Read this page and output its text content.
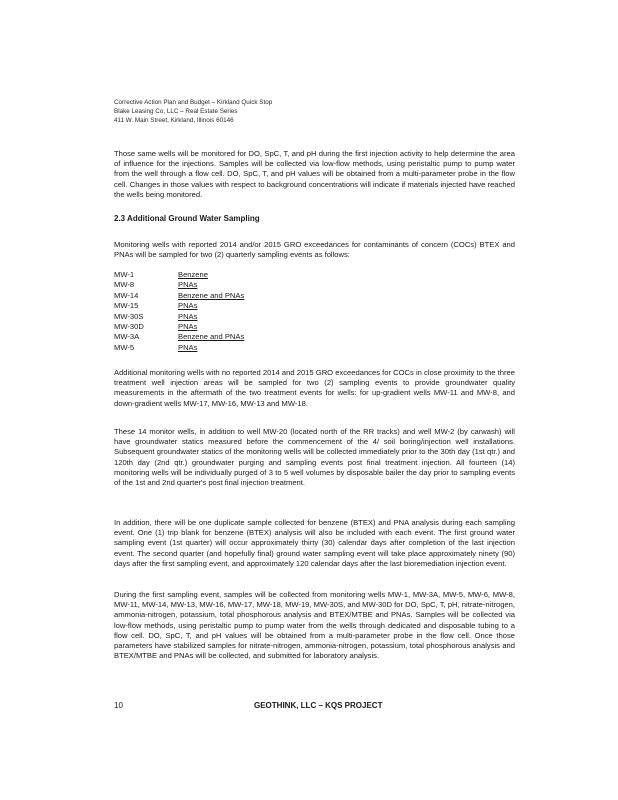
Corrective Action Plan and Budget – Kirkland Quick Stop
Blake Leasing Co, LLC – Real Estate Series
411 W. Main Street, Kirkland, Illinois 60146

Those same wells will be monitored for DO, SpC, T, and pH during the first injection activity to help determine the area of influence for the injections. Samples will be collected via low-flow methods, using peristaltic pump to pump water from the well through a flow cell. DO, SpC, T, and pH values will be obtained from a multi-parameter probe in the flow cell. Changes in those values with respect to background concentrations will indicate if materials injected have reached the wells being monitored.

2.3 Additional Ground Water Sampling

Monitoring wells with reported 2014 and/or 2015 GRO exceedances for contaminants of concern (COCs) BTEX and PNAs will be sampled for two (2) quarterly sampling events as follows:

MW-1	Benzene
MW-8	PNAs
MW-14	Benzene and PNAs
MW-15	PNAs
MW-30S	PNAs
MW-30D	PNAs
MW-3A	Benzene and PNAs
MW-5	PNAs

Additional monitoring wells with no reported 2014 and 2015 GRO exceedances for COCs in close proximity to the three treatment well injection areas will be sampled for two (2) sampling events to provide groundwater quality measurements in the aftermath of the two treatment events for wells: for up-gradient wells MW-11 and MW-8, and down-gradient wells MW-17, MW-16, MW-13 and MW-18.

These 14 monitor wells, in addition to well MW-20 (located north of the RR tracks) and well MW-2 (by carwash) will have groundwater statics measured before the commencement of the 4/ soil boring/injection well installations. Subsequent groundwater statics of the monitoring wells will be collected immediately prior to the 30th day (1st qtr.) and 120th day (2nd qtr.) groundwater purging and sampling events post final treatment injection. All fourteen (14) monitoring wells will be individually purged of 3 to 5 well volumes by disposable bailer the day prior to sampling events of the 1st and 2nd quarter's post final injection treatment.

In addition, there will be one duplicate sample collected for benzene (BTEX) and PNA analysis during each sampling event. One (1) trip blank for benzene (BTEX) analysis will also be included with each event. The first ground water sampling event (1st quarter) will occur approximately thirty (30) calendar days after completion of the last injection event. The second quarter (and hopefully final) ground water sampling event will take place approximately ninety (90) days after the first sampling event, and approximately 120 calendar days after the last bioremediation injection event.

During the first sampling event, samples will be collected from monitoring wells MW-1, MW-3A, MW-5, MW-6, MW-8, MW-11, MW-14, MW-13, MW-16, MW-17, MW-18, MW-19, MW-30S, and MW-30D for DO, SpC, T, pH, nitrate-nitrogen, ammonia-nitrogen, potassium, total phosphorous analysis and BTEX/MTBE and PNAs. Samples will be collected via low-flow methods, using peristaltic pump to pump water from the wells through dedicated and disposable tubing to a flow cell. DO, SpC, T, and pH values will be obtained from a multi-parameter probe in the flow cell. Once those parameters have stabilized samples for nitrate-nitrogen, ammonia-nitrogen, potassium, total phosphorous analysis and BTEX/MTBE and PNAs will be collected, and submitted for laboratory analysis.

10	GEOTHINK, LLC – KQS PROJECT
